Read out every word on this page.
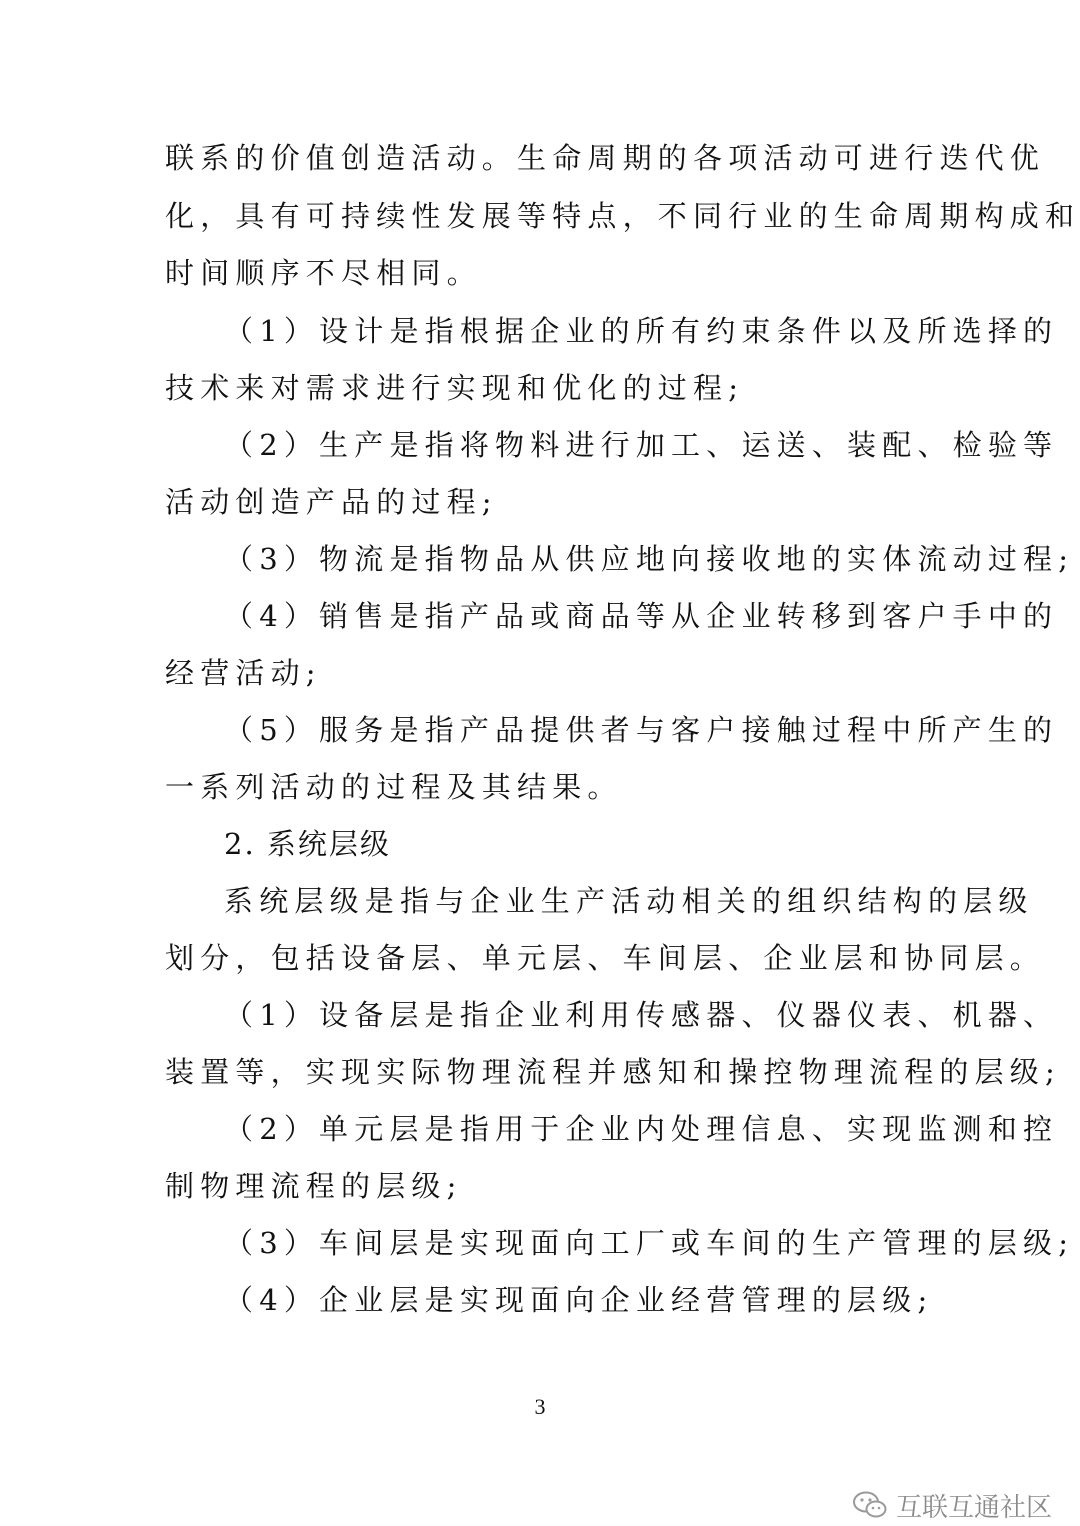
联系的价值创造活动。生命周期的各项活动可进行迭代优
化，具有可持续性发展等特点，不同行业的生命周期构成和
时间顺序不尽相同。
（1）设计是指根据企业的所有约束条件以及所选择的
技术来对需求进行实现和优化的过程;
（2）生产是指将物料进行加工、运送、装配、检验等
活动创造产品的过程;
（3）物流是指物品从供应地向接收地的实体流动过程;
（4）销售是指产品或商品等从企业转移到客户手中的
经营活动;
（5）服务是指产品提供者与客户接触过程中所产生的
一系列活动的过程及其结果。
2. 系统层级
系统层级是指与企业生产活动相关的组织结构的层级
划分，包括设备层、单元层、车间层、企业层和协同层。
（1）设备层是指企业利用传感器、仪器仪表、机器、
装置等，实现实际物理流程并感知和操控物理流程的层级;
（2）单元层是指用于企业内处理信息、实现监测和控
制物理流程的层级;
（3）车间层是实现面向工厂或车间的生产管理的层级;
（4）企业层是实现面向企业经营管理的层级;
3
互联互通社区
